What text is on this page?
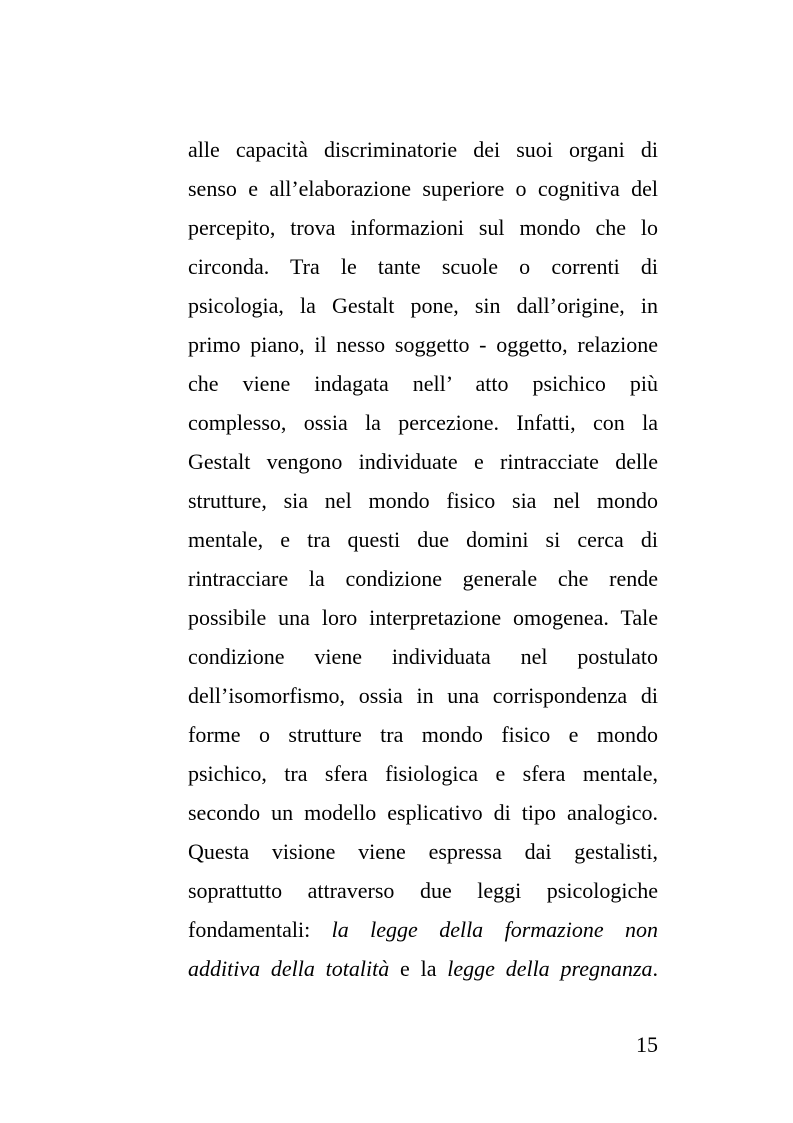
alle capacità discriminatorie dei suoi organi di
senso e all’elaborazione superiore o cognitiva del
percepito, trova informazioni sul mondo che lo
circonda. Tra le tante scuole o correnti di
psicologia, la Gestalt pone, sin dall’origine, in
primo piano, il nesso soggetto - oggetto, relazione
che viene indagata nell’ atto psichico più
complesso, ossia la percezione. Infatti, con la
Gestalt vengono individuate e rintracciate delle
strutture, sia nel mondo fisico sia nel mondo
mentale, e tra questi due domini si cerca di
rintracciare la condizione generale che rende
possibile una loro interpretazione omogenea. Tale
condizione viene individuata nel postulato
dell’isomorfismo, ossia in una corrispondenza di
forme o strutture tra mondo fisico e mondo
psichico, tra sfera fisiologica e sfera mentale,
secondo un modello esplicativo di tipo analogico.
Questa visione viene espressa dai gestalisti,
soprattutto attraverso due leggi psicologiche
fondamentali: la legge della formazione non
additiva della totalità e la legge della pregnanza.
15
